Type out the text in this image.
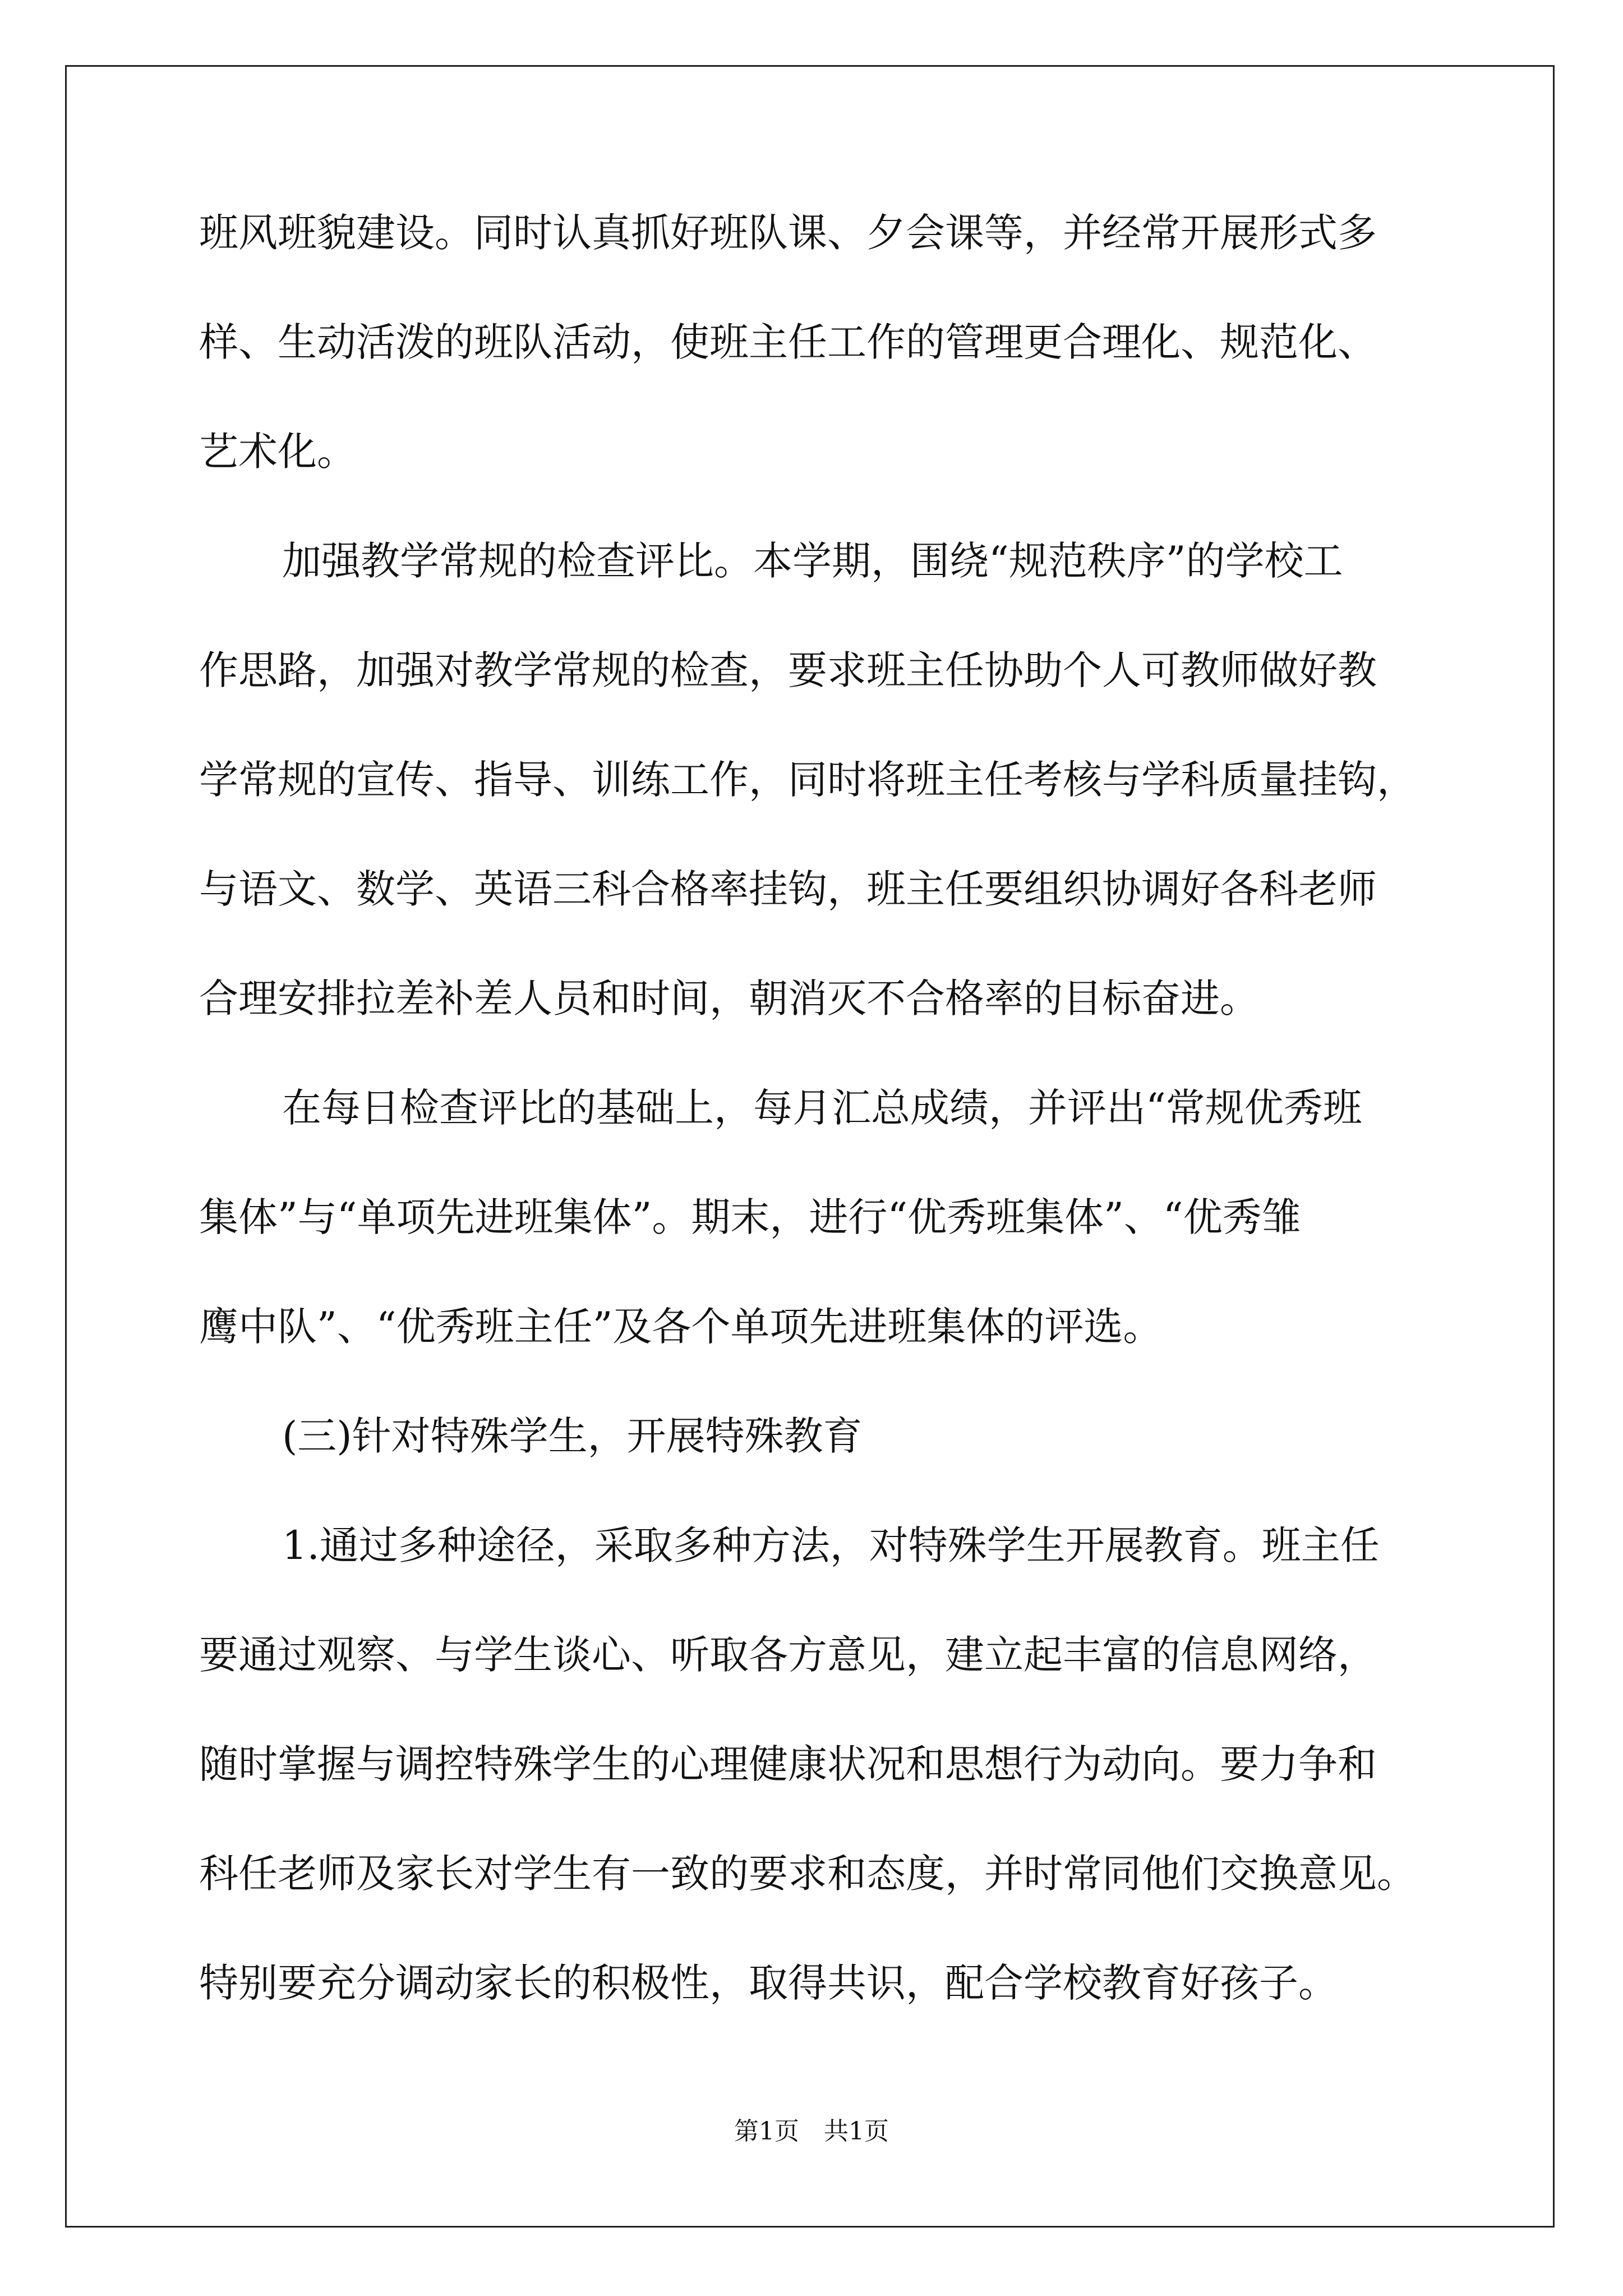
班风班貌建设。同时认真抓好班队课、夕会课等，并经常开展形式多
样、生动活泼的班队活动，使班主任工作的管理更合理化、规范化、
艺术化。
加强教学常规的检查评比。本学期，围绕“规范秩序”的学校工
作思路，加强对教学常规的检查，要求班主任协助个人可教师做好教
学常规的宣传、指导、训练工作，同时将班主任考核与学科质量挂钩，
与语文、数学、英语三科合格率挂钩，班主任要组织协调好各科老师
合理安排拉差补差人员和时间，朝消灭不合格率的目标奋进。
在每日检查评比的基础上，每月汇总成绩，并评出“常规优秀班
集体”与“单项先进班集体”。期末，进行“优秀班集体”、“优秀雏
鹰中队”、“优秀班主任”及各个单项先进班集体的评选。
(三)针对特殊学生，开展特殊教育
1.通过多种途径，采取多种方法，对特殊学生开展教育。班主任
要通过观察、与学生谈心、听取各方意见，建立起丰富的信息网络，
随时掌握与调控特殊学生的心理健康状况和思想行为动向。要力争和
科任老师及家长对学生有一致的要求和态度，并时常同他们交换意见。
特别要充分调动家长的积极性，取得共识，配合学校教育好孩子。
第1页 共1页
